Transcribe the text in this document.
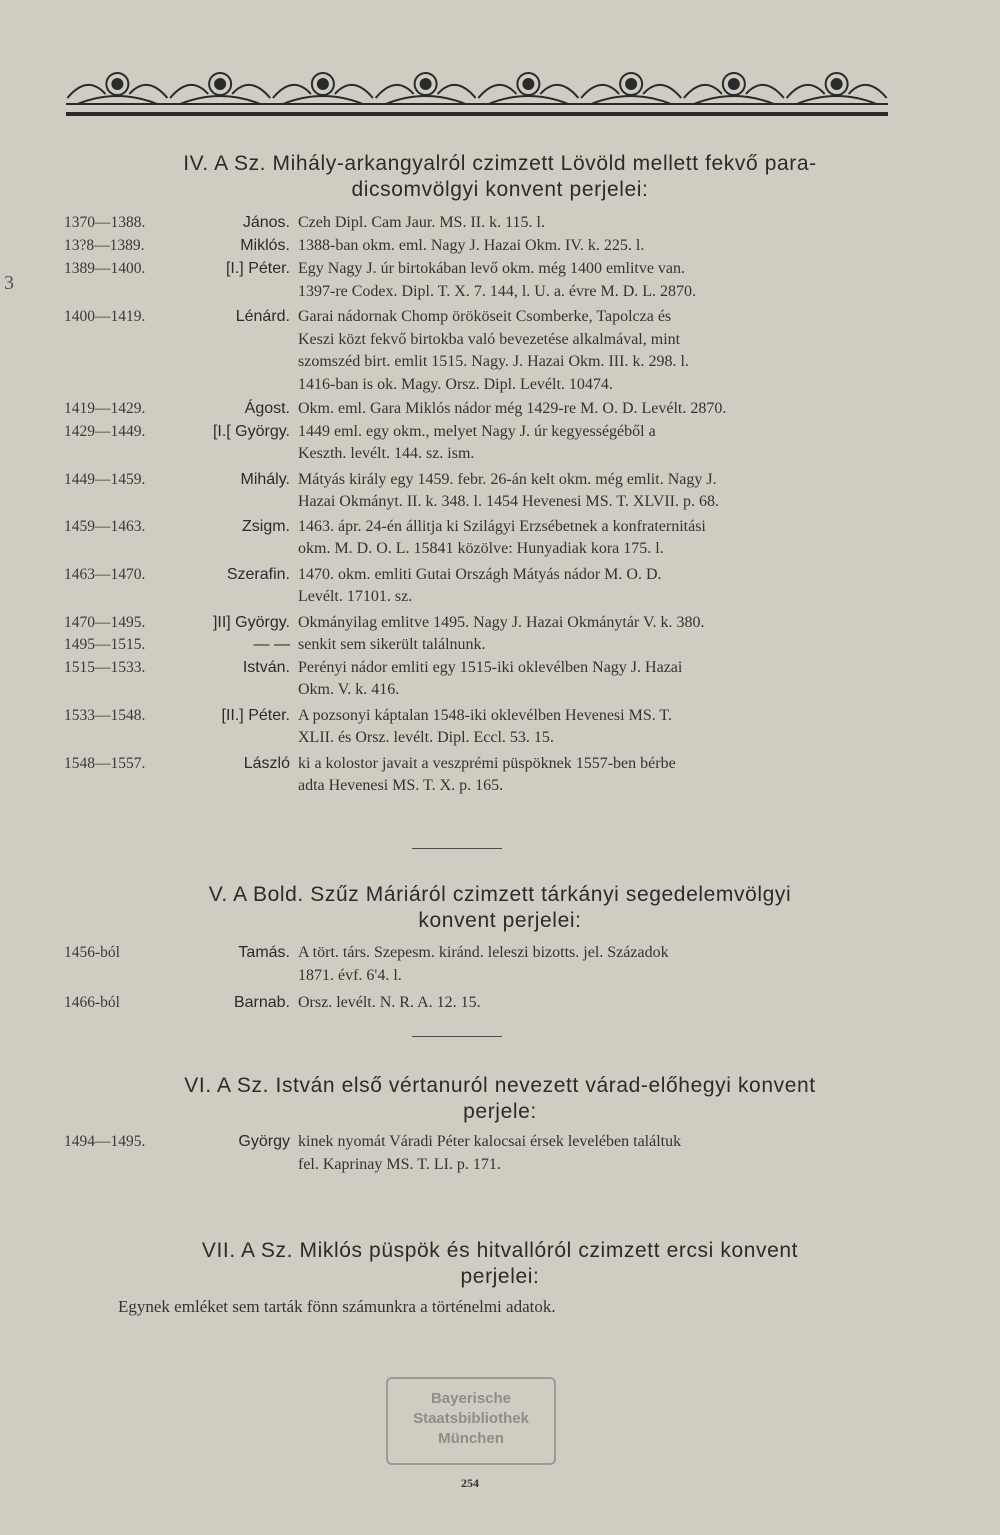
3
IV. A Sz. Mihály-arkangyalról czimzett Lövöld mellett fekvő para-
dicsomvölgyi konvent perjelei:
1370—1388.	János. Czeh Dipl. Cam Jaur. MS. II. k. 115. l.
13?8—1389.	Miklós. 1388-ban okm. eml. Nagy J. Hazai Okm. IV. k. 225. l.
1389—1400.	[I.] Péter. Egy Nagy J. úr birtokában levő okm. még 1400 emlitve van.
1397-re Codex. Dipl. T. X. 7. 144, l. U. a. évre M. D. L. 2870.
1400—1419.	Lénárd. Garai nádornak Chomp örököseit Csomberke, Tapolcza és
Keszi közt fekvő birtokba való bevezetése alkalmával, mint
szomszéd birt. emlit 1515. Nagy. J. Hazai Okm. III. k. 298. l.
1416-ban is ok. Magy. Orsz. Dipl. Levélt. 10474.
1419—1429.	Ágost. Okm. eml. Gara Miklós nádor még 1429-re M. O. D. Levélt. 2870.
1429—1449.	[I.[ György. 1449 eml. egy okm., melyet Nagy J. úr kegyességéből a
Keszth. levélt. 144. sz. ism.
1449—1459.	Mihály. Mátyás király egy 1459. febr. 26-án kelt okm. még emlit. Nagy J.
Hazai Okmányt. II. k. 348. l. 1454 Hevenesi MS. T. XLVII. p. 68.
1459—1463.	Zsigm. 1463. ápr. 24-én állitja ki Szilágyi Erzsébetnek a konfraternitási
okm. M. D. O. L. 15841 közölve: Hunyadiak kora 175. l.
1463—1470.	Szerafin. 1470. okm. emliti Gutai Országh Mátyás nádor M. O. D.
Levélt. 17101. sz.
1470—1495.	]II] György. Okmányilag emlitve 1495. Nagy J. Hazai Okmánytár V. k. 380.
1495—1515.	— — senkit sem sikerült találnunk.
1515—1533.	István. Perényi nádor emliti egy 1515-iki oklevélben Nagy J. Hazai
Okm. V. k. 416.
1533—1548.	[II.] Péter. A pozsonyi káptalan 1548-iki oklevélben Hevenesi MS. T.
XLII. és Orsz. levélt. Dipl. Eccl. 53. 15.
1548—1557.	László ki a kolostor javait a veszprémi püspöknek 1557-ben bérbe
adta Hevenesi MS. T. X. p. 165.
V. A Bold. Szűz Máriáról czimzett tárkányi segedelemvölgyi
konvent perjelei:
1456-ból	Tamás. A tört. társ. Szepesm. kiránd. leleszi bizotts. jel. Századok
1871. évf. 6'4. l.
1466-ból	Barnab. Orsz. levélt. N. R. A. 12. 15.
VI. A Sz. István első vértanuról nevezett várad-előhegyi konvent
perjele:
1494—1495.	György kinek nyomát Váradi Péter kalocsai érsek levelében találtuk
fel. Kaprinay MS. T. LI. p. 171.
VII. A Sz. Miklós püspök és hitvallóról czimzett ercsi konvent
perjelei:
Egynek emléket sem tarták fönn számunkra a történelmi adatok.
Bayerische
Staatsbibliothek
München
254
